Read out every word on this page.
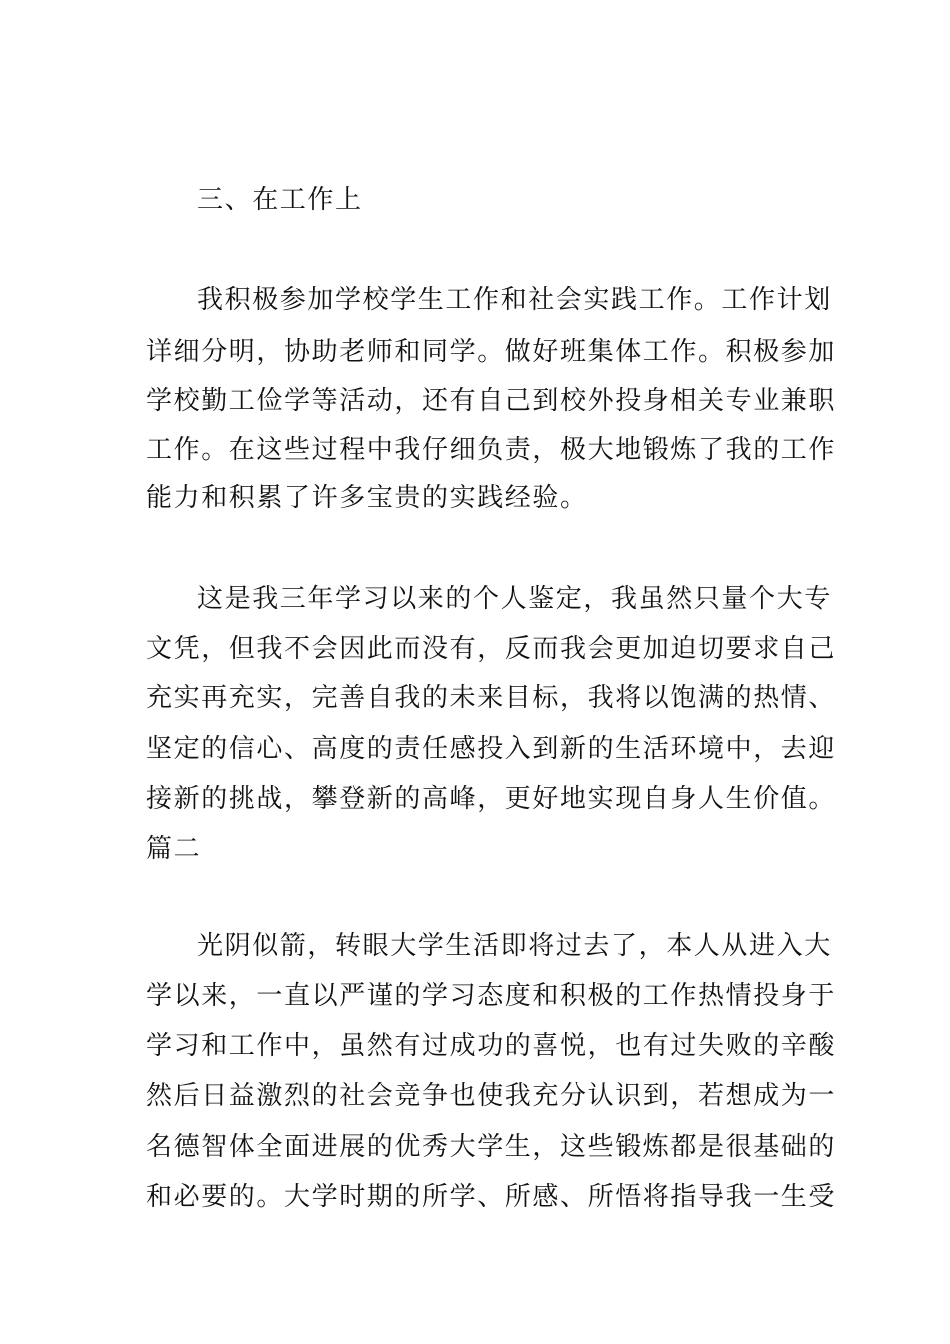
三、在工作上
我积极参加学校学生工作和社会实践工作。工作计划
详细分明，协助老师和同学。做好班集体工作。积极参加
学校勤工俭学等活动，还有自己到校外投身相关专业兼职
工作。在这些过程中我仔细负责，极大地锻炼了我的工作
能力和积累了许多宝贵的实践经验。
这是我三年学习以来的个人鉴定，我虽然只量个大专
文凭，但我不会因此而没有，反而我会更加迫切要求自己
充实再充实，完善自我的未来目标，我将以饱满的热情、
坚定的信心、高度的责任感投入到新的生活环境中，去迎
接新的挑战，攀登新的高峰，更好地实现自身人生价值。
篇二
光阴似箭，转眼大学生活即将过去了，本人从进入大
学以来，一直以严谨的学习态度和积极的工作热情投身于
学习和工作中，虽然有过成功的喜悦，也有过失败的辛酸
然后日益激烈的社会竞争也使我充分认识到，若想成为一
名德智体全面进展的优秀大学生，这些锻炼都是很基础的
和必要的。大学时期的所学、所感、所悟将指导我一生受
